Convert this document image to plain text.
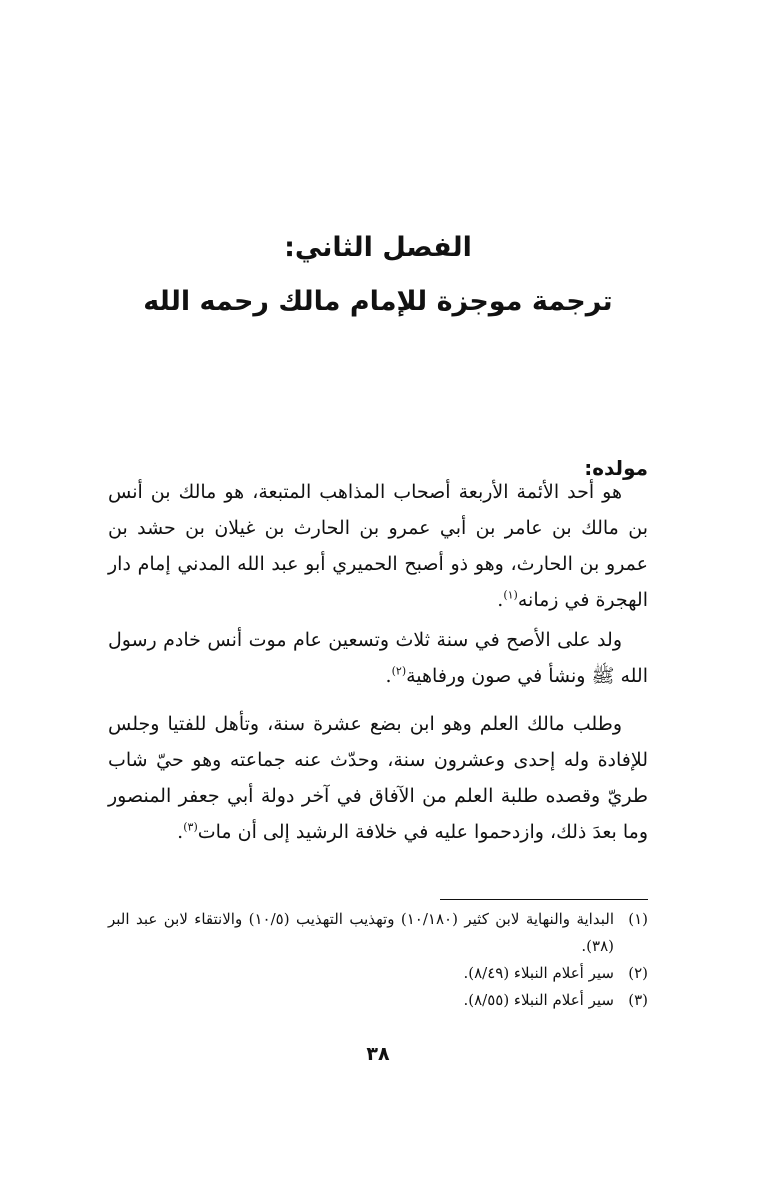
الفصل الثاني:
ترجمة موجزة للإمام مالك رحمه الله
مولده:

هو أحد الأئمة الأربعة أصحاب المذاهب المتبعة، هو مالك بن أنس بن مالك بن عامر بن أبي عمرو بن الحارث بن غيلان بن حشد بن عمرو بن الحارث، وهو ذو أصبح الحميري أبو عبد الله المدني إمام دار الهجرة في زمانه$^{(١)}$.

ولد على الأصح في سنة ثلاث وتسعين عام موت أنس خادم رسول الله ﷺ ونشأ في صون ورفاهية$^{(٢)}$.

وطلب مالك العلم وهو ابن بضع عشرة سنة، وتأهل للفتيا وجلس للإفادة وله إحدى وعشرون سنة، وحدّث عنه جماعته وهو حيّ شاب طريّ وقصده طلبة العلم من الآفاق في آخر دولة أبي جعفر المنصور وما بعدَ ذلك، وازدحموا عليه في خلافة الرشيد إلى أن مات$^{(٣)}$.

(١)
البداية والنهاية لابن كثير (١٠/١٨٠) وتهذيب التهذيب (١٠/٥) والانتقاء لابن عبد البر (٣٨).
(٢)
سير أعلام النبلاء (٨/٤٩).
(٣)
سير أعلام النبلاء (٨/٥٥).
٣٨
